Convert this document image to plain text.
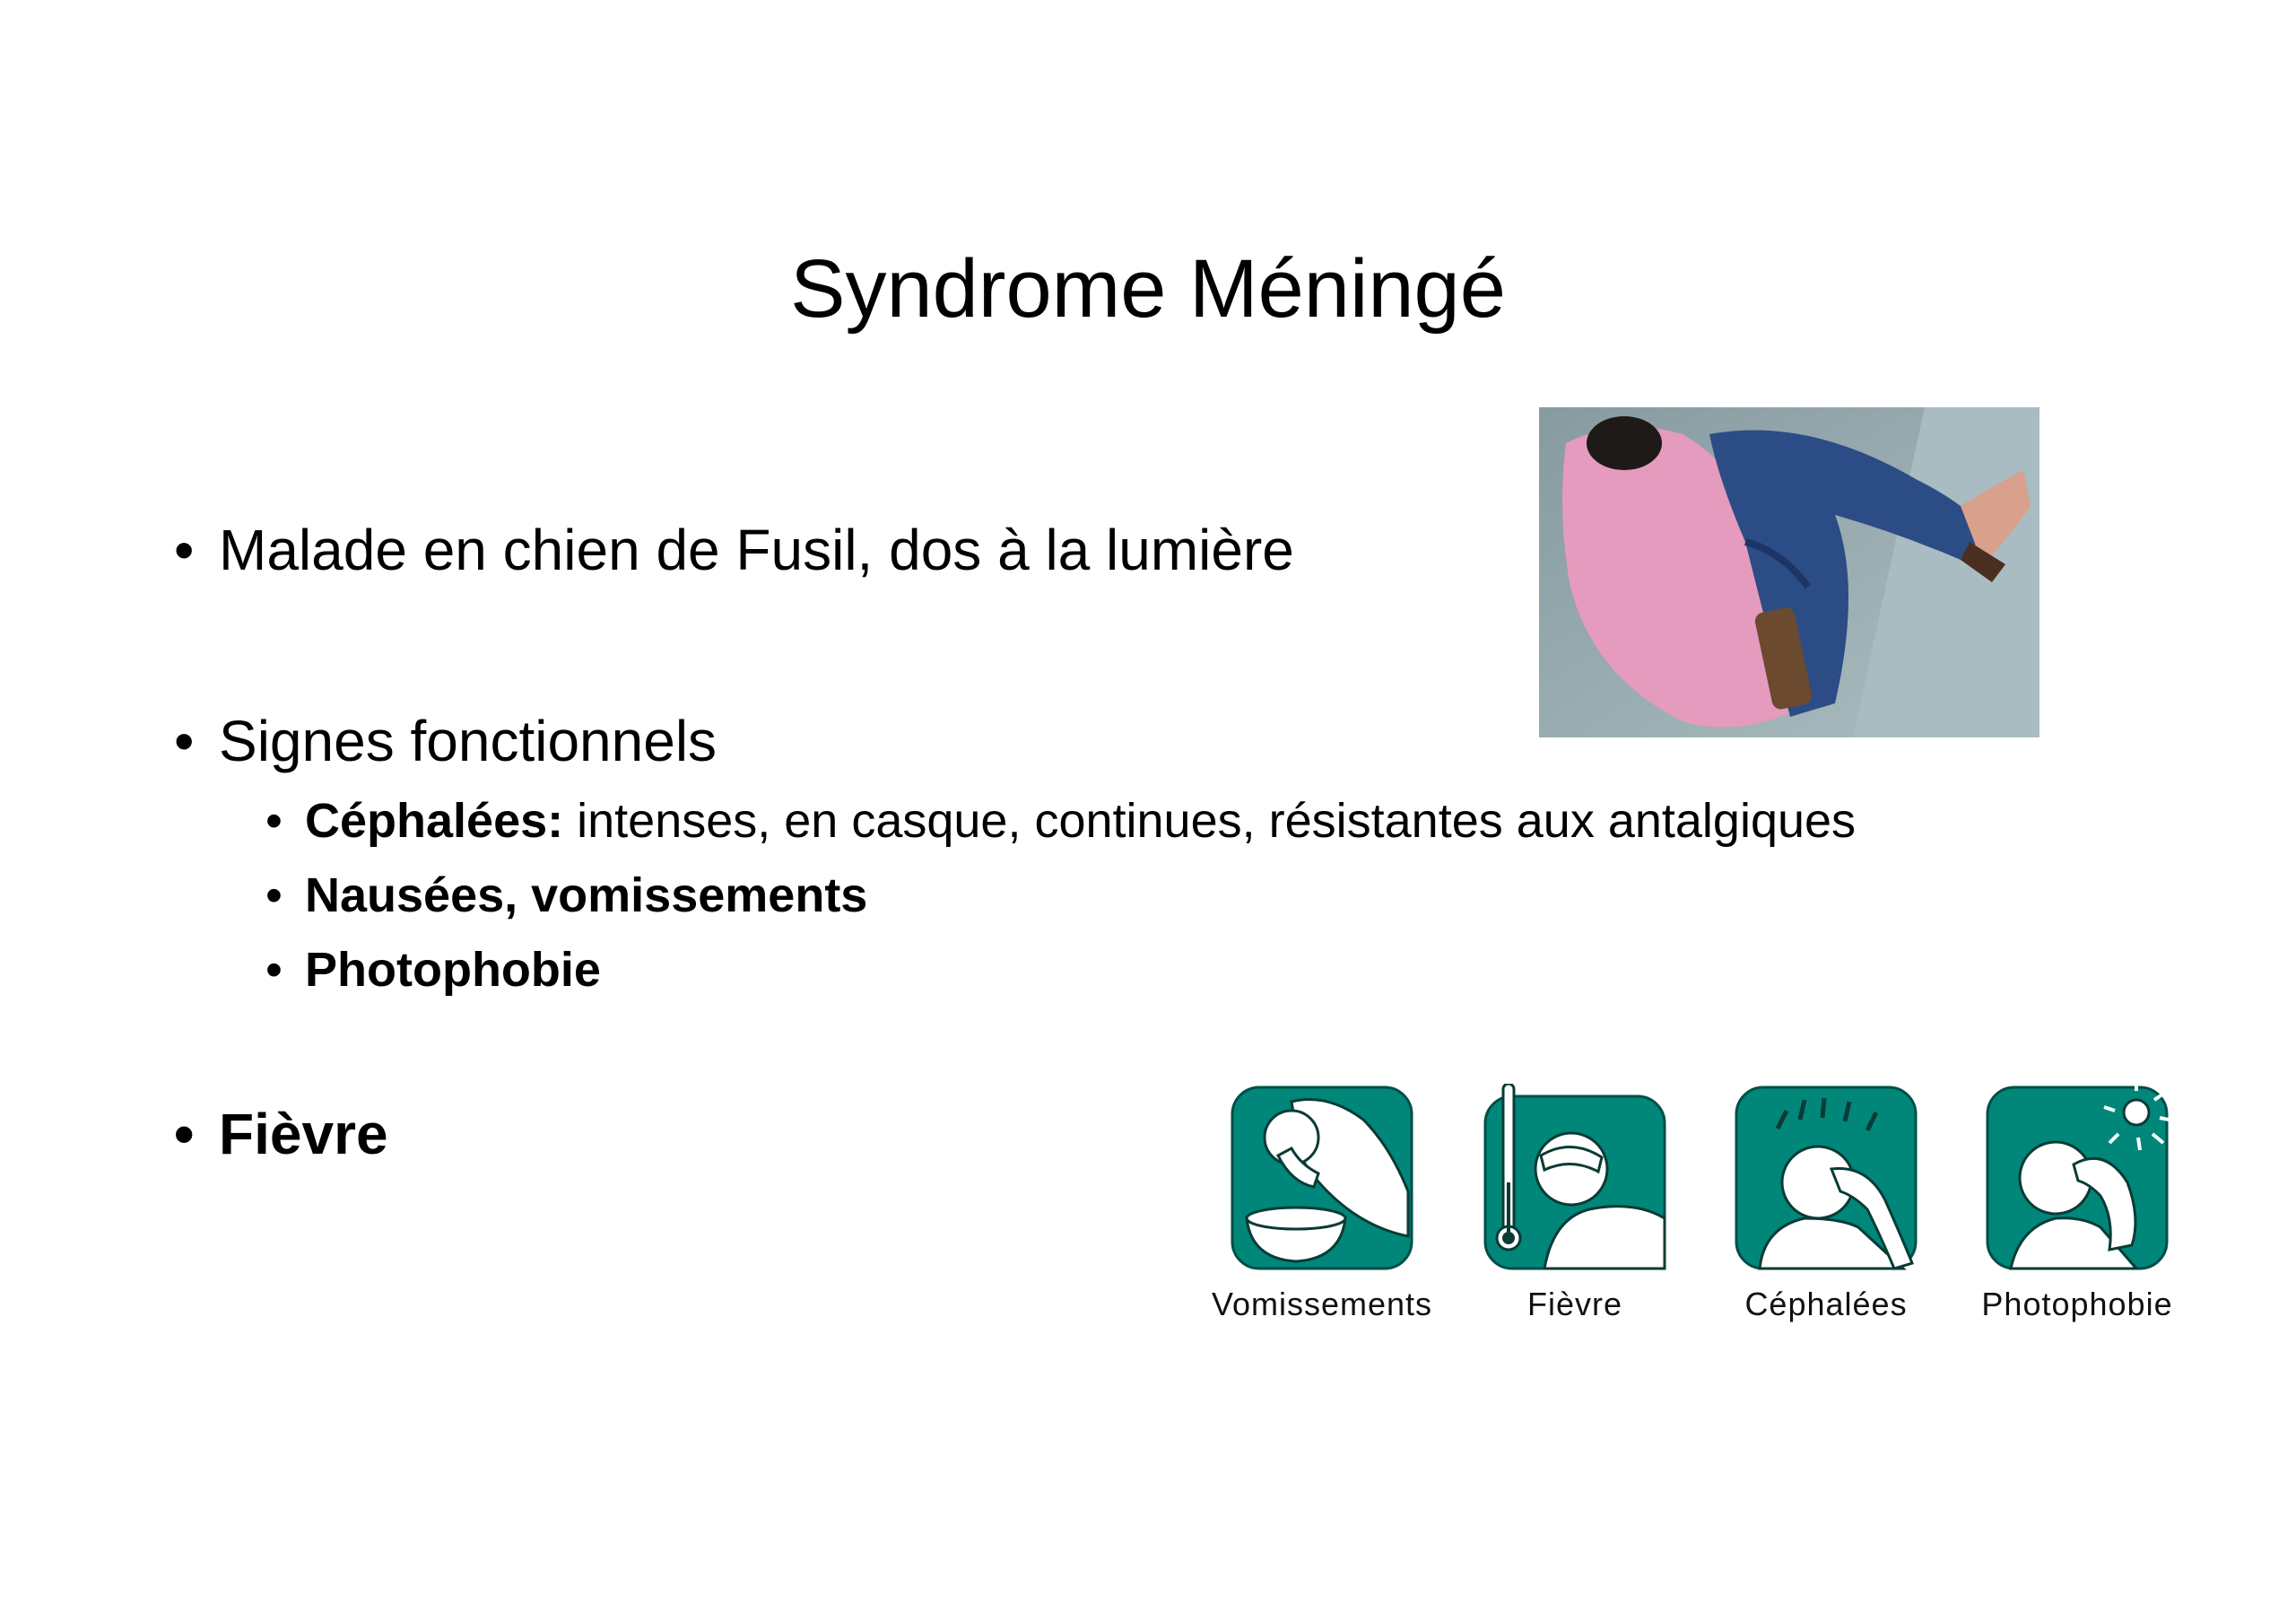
Syndrome Méningé
• Malade en chien de Fusil, dos à la lumière
• Signes fonctionnels
• Céphalées: intenses, en casque, continues, résistantes aux antalgiques
• Nausées, vomissements
• Photophobie
• Fièvre
Vomissements	Fièvre	Céphalées	Photophobie
